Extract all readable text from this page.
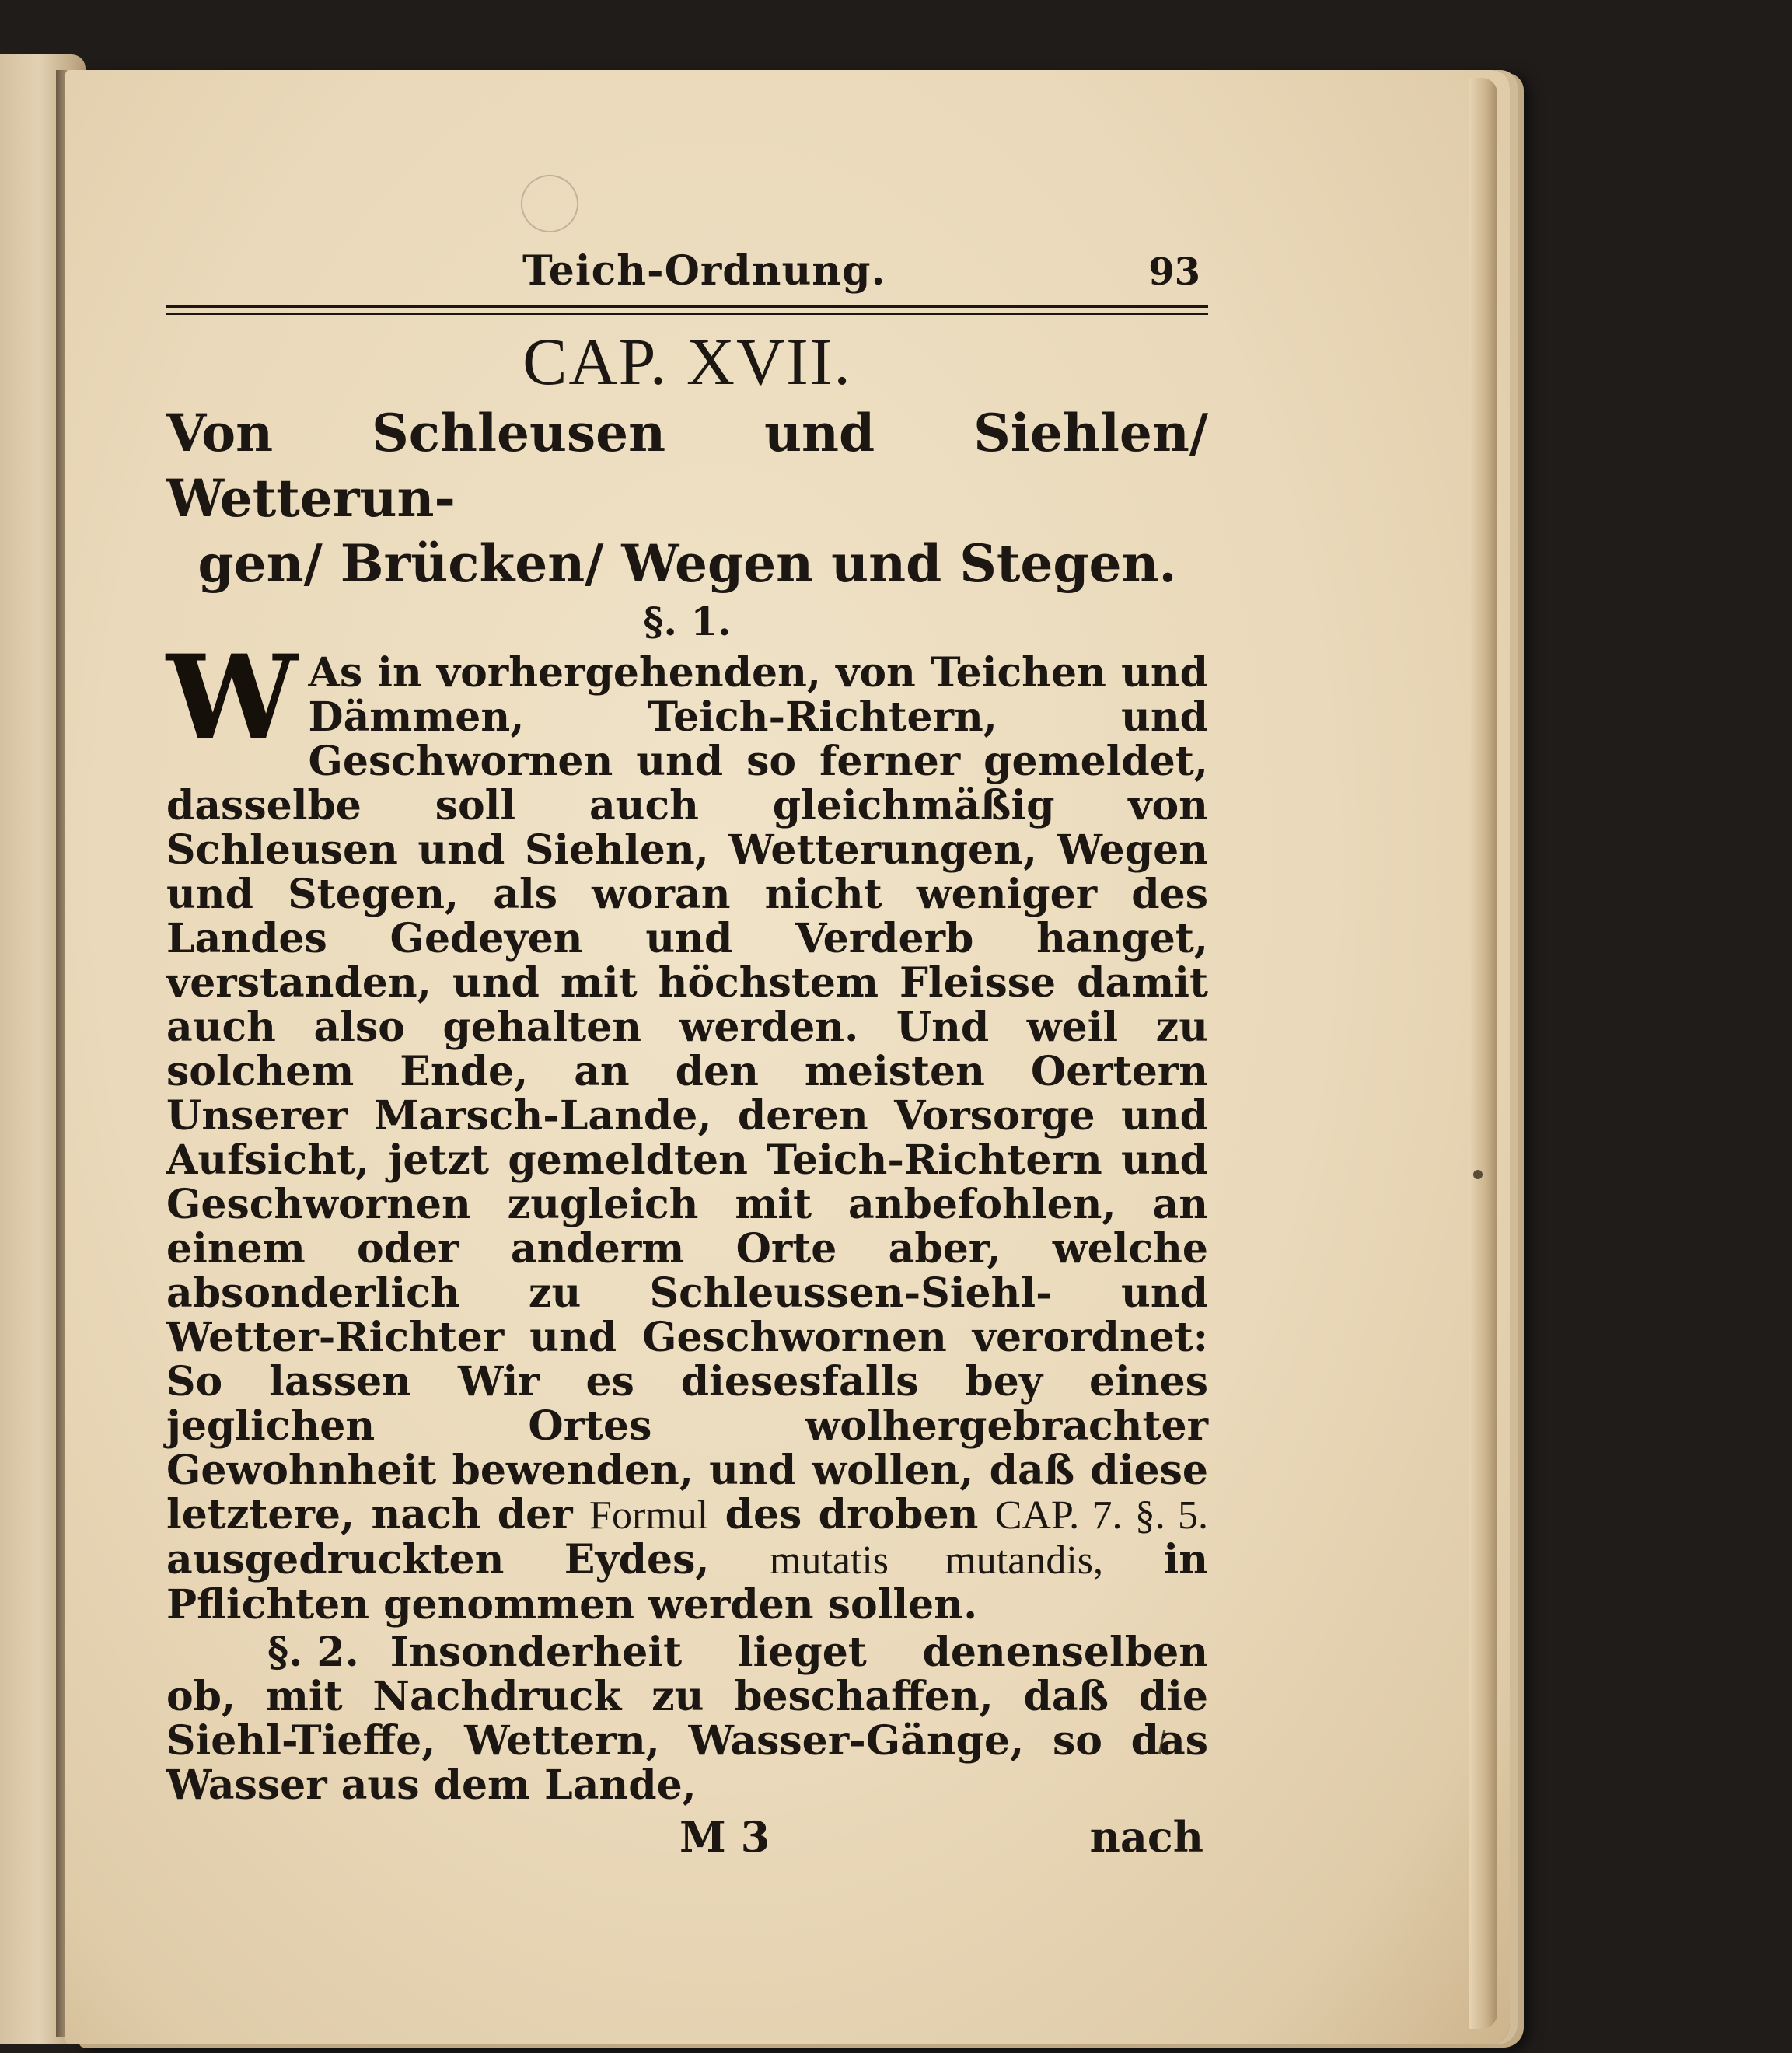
Teich-Ordnung.	93
CAP. XVII.
Von Schleusen und Siehlen/ Wetterun-
gen/ Brücken/ Wegen und Stegen.
§. 1.

W As in vorhergehenden, von Teichen und Dämmen, Teich-Richtern, und Geschwornen und so ferner gemeldet, dasselbe soll auch gleichmäßig von Schleusen und Siehlen, Wetterungen, Wegen und Stegen, als woran nicht weniger des Landes Gedeyen und Verderb hanget, verstanden, und mit höchstem Fleisse damit auch also gehalten werden. Und weil zu solchem Ende, an den meisten Oertern Unserer Marsch-Lande, deren Vorsorge und Aufsicht, jetzt gemeldten Teich-Richtern und Geschwornen zugleich mit anbefohlen, an einem oder anderm Orte aber, welche absonderlich zu Schleussen-Siehl- und Wetter-Richter und Geschwornen verordnet: So lassen Wir es diesesfalls bey eines jeglichen Ortes wolhergebrachter Gewohnheit bewenden, und wollen, daß diese letztere, nach der Formul des droben CAP. 7. §. 5. ausgedruckten Eydes, mutatis mutandis, in Pflichten genommen werden sollen.

§. 2. Insonderheit lieget denenselben ob, mit Nachdruck zu beschaffen, daß die Siehl-Tieffe, Wettern, Wasser-Gänge, so das Wasser aus dem Lande,

M 3	nach
